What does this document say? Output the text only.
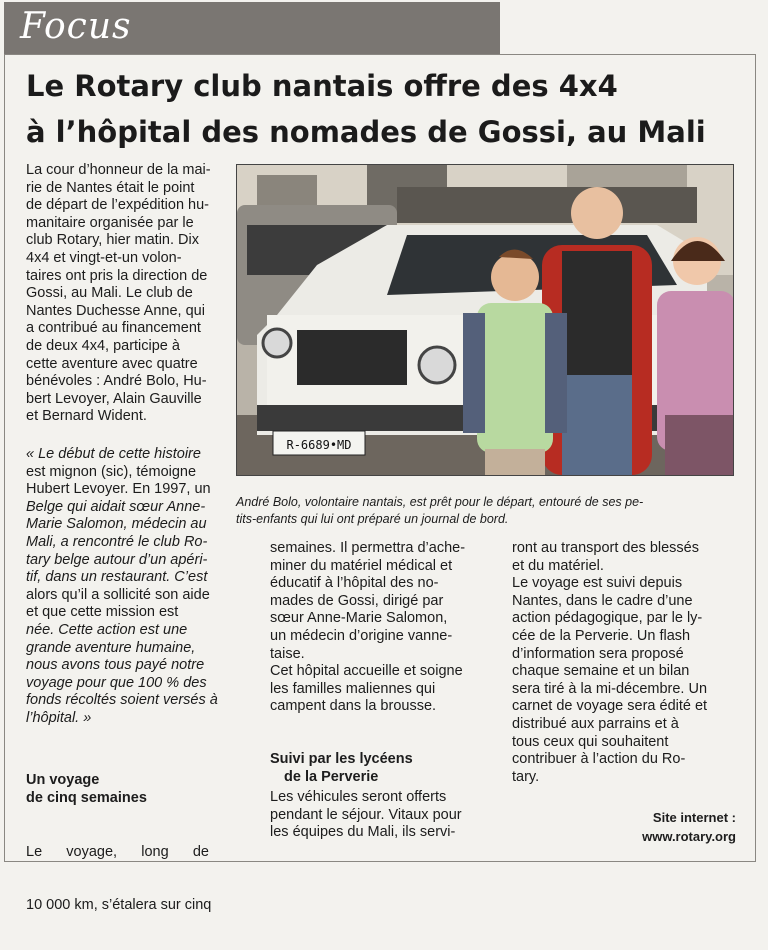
Focus
Le Rotary club nantais offre des 4x4
à l’hôpital des nomades de Gossi, au Mali

La cour d’honneur de la mai-

rie de Nantes était le point

de départ de l’expédition hu-

manitaire organisée par le

club Rotary, hier matin. Dix

4x4 et vingt-et-un volon-

taires ont pris la direction de

Gossi, au Mali. Le club de

Nantes Duchesse Anne, qui

a contribué au financement

de deux 4x4, participe à

cette aventure avec quatre

bénévoles : André Bolo, Hu-

bert Levoyer, Alain Gauville

et Bernard Wident.

« Le début de cette histoire

est mignon (sic), témoigne

Hubert Levoyer. En 1997, un

Belge qui aidait sœur Anne-

Marie Salomon, médecin au

Mali, a rencontré le club Ro-

tary belge autour d’un apéri-

tif, dans un restaurant. C’est

alors qu’il a sollicité son aide

et que cette mission est

née. Cette action est une

grande aventure humaine,

nous avons tous payé notre

voyage pour que 100 % des

fonds récoltés soient versés à

l’hôpital. »

Un voyage
de cinq semaines

Le      voyage,      long      de

10 000 km, s’étalera sur cinq

R-6689•MD
André Bolo, volontaire nantais, est prêt pour le départ, entouré de ses pe-
tits-enfants qui lui ont préparé un journal de bord.

semaines. Il permettra d’ache-

miner du matériel médical et

éducatif à l’hôpital des no-

mades de Gossi, dirigé par

sœur Anne-Marie Salomon,

un médecin d’origine vanne-

taise.

Cet hôpital accueille et soigne

les familles maliennes qui

campent dans la brousse.

Suivi par les lycéens
de la Perverie

Les véhicules seront offerts

pendant le séjour. Vitaux pour

les équipes du Mali, ils servi-

ront au transport des blessés

et du matériel.

Le voyage est suivi depuis

Nantes, dans le cadre d’une

action pédagogique, par le ly-

cée de la Perverie. Un flash

d’information sera proposé

chaque semaine et un bilan

sera tiré à la mi-décembre. Un

carnet de voyage sera édité et

distribué aux parrains et à

tous ceux qui souhaitent

contribuer à l’action du Ro-

tary.

Site internet :
www.rotary.org
